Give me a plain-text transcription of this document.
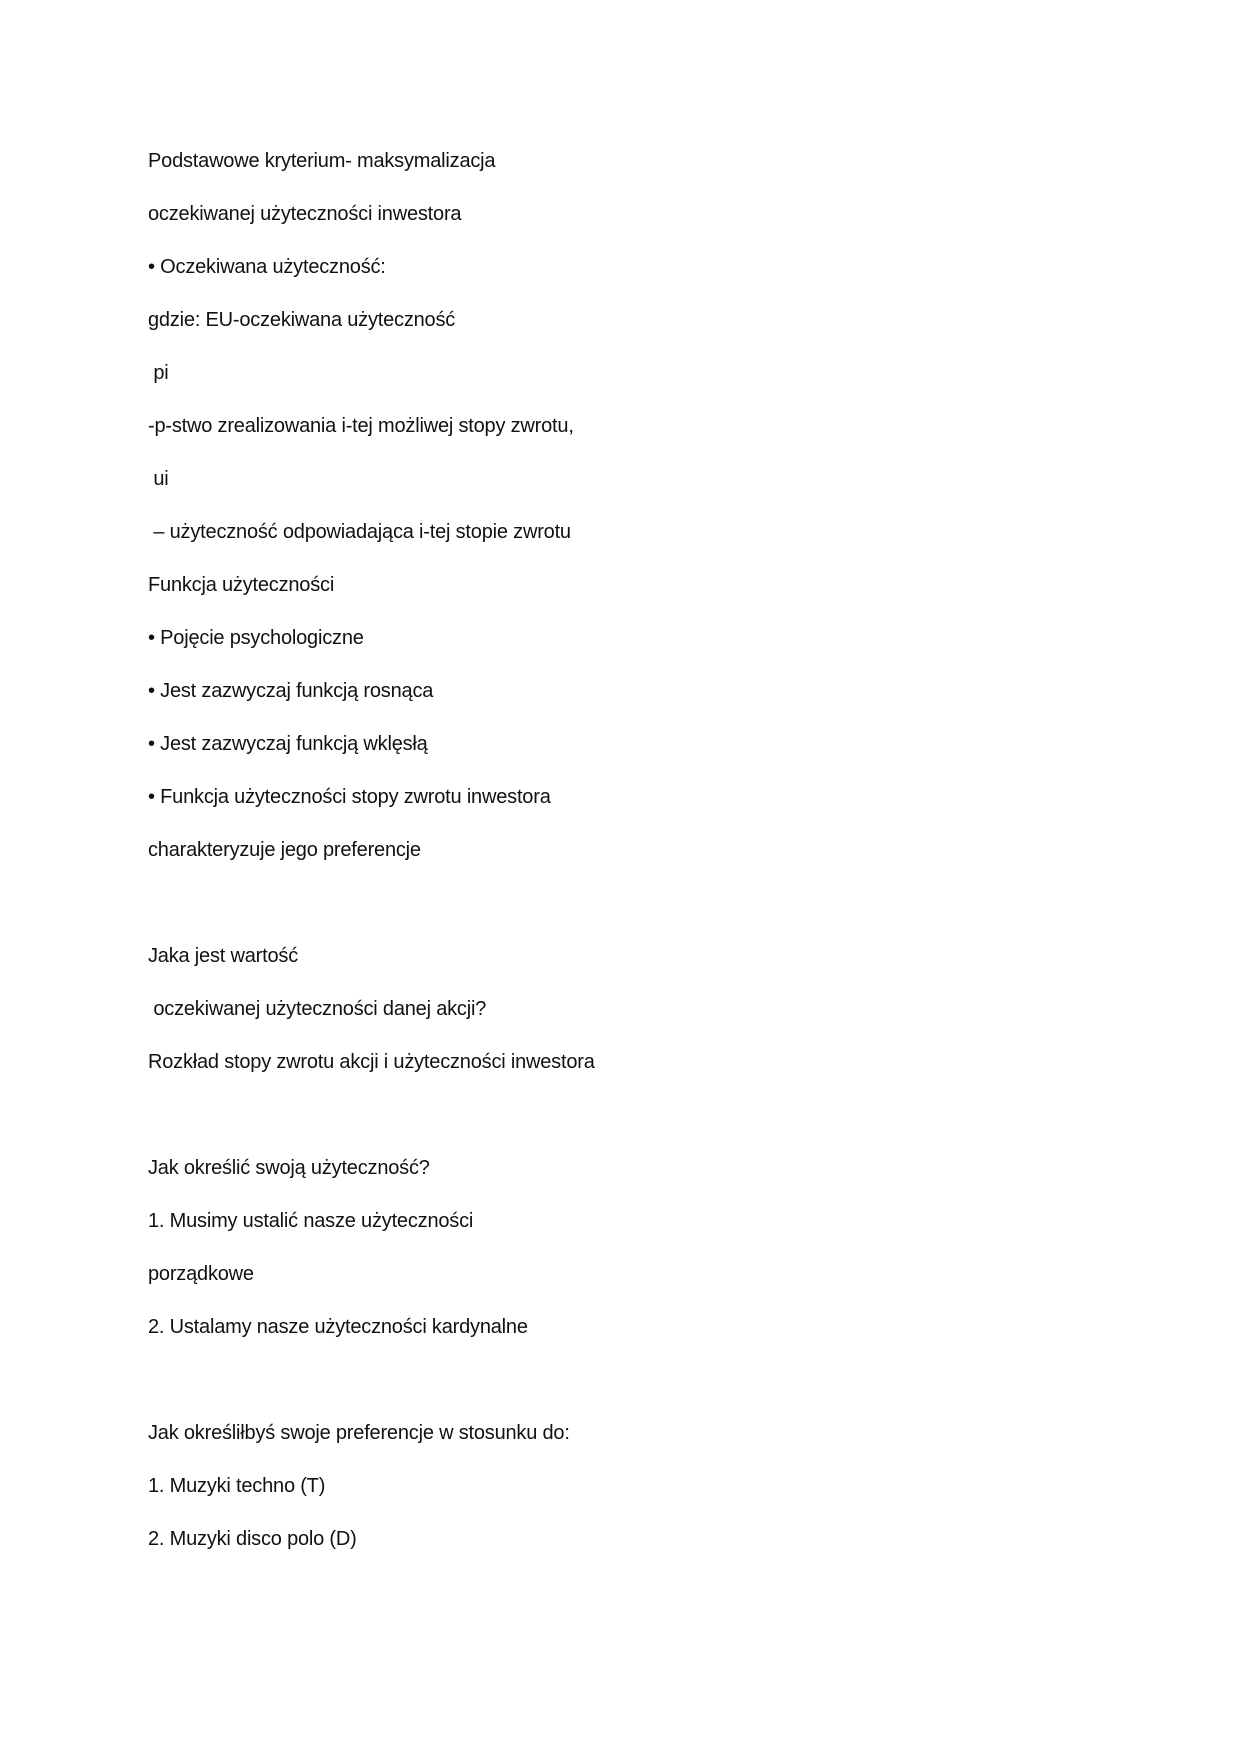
Podstawowe kryterium- maksymalizacja
oczekiwanej użyteczności inwestora
• Oczekiwana użyteczność:
gdzie: EU-oczekiwana użyteczność
pi
-p-stwo zrealizowania i-tej możliwej stopy zwrotu,
ui
– użyteczność odpowiadająca i-tej stopie zwrotu
Funkcja użyteczności
• Pojęcie psychologiczne
• Jest zazwyczaj funkcją rosnąca
• Jest zazwyczaj funkcją wklęsłą
• Funkcja użyteczności stopy zwrotu inwestora
charakteryzuje jego preferencje
Jaka jest wartość
oczekiwanej użyteczności danej akcji?
Rozkład stopy zwrotu akcji i użyteczności inwestora
Jak określić swoją użyteczność?
1. Musimy ustalić nasze użyteczności
porządkowe
2. Ustalamy nasze użyteczności kardynalne
Jak określiłbyś swoje preferencje w stosunku do:
1. Muzyki techno (T)
2. Muzyki disco polo (D)
